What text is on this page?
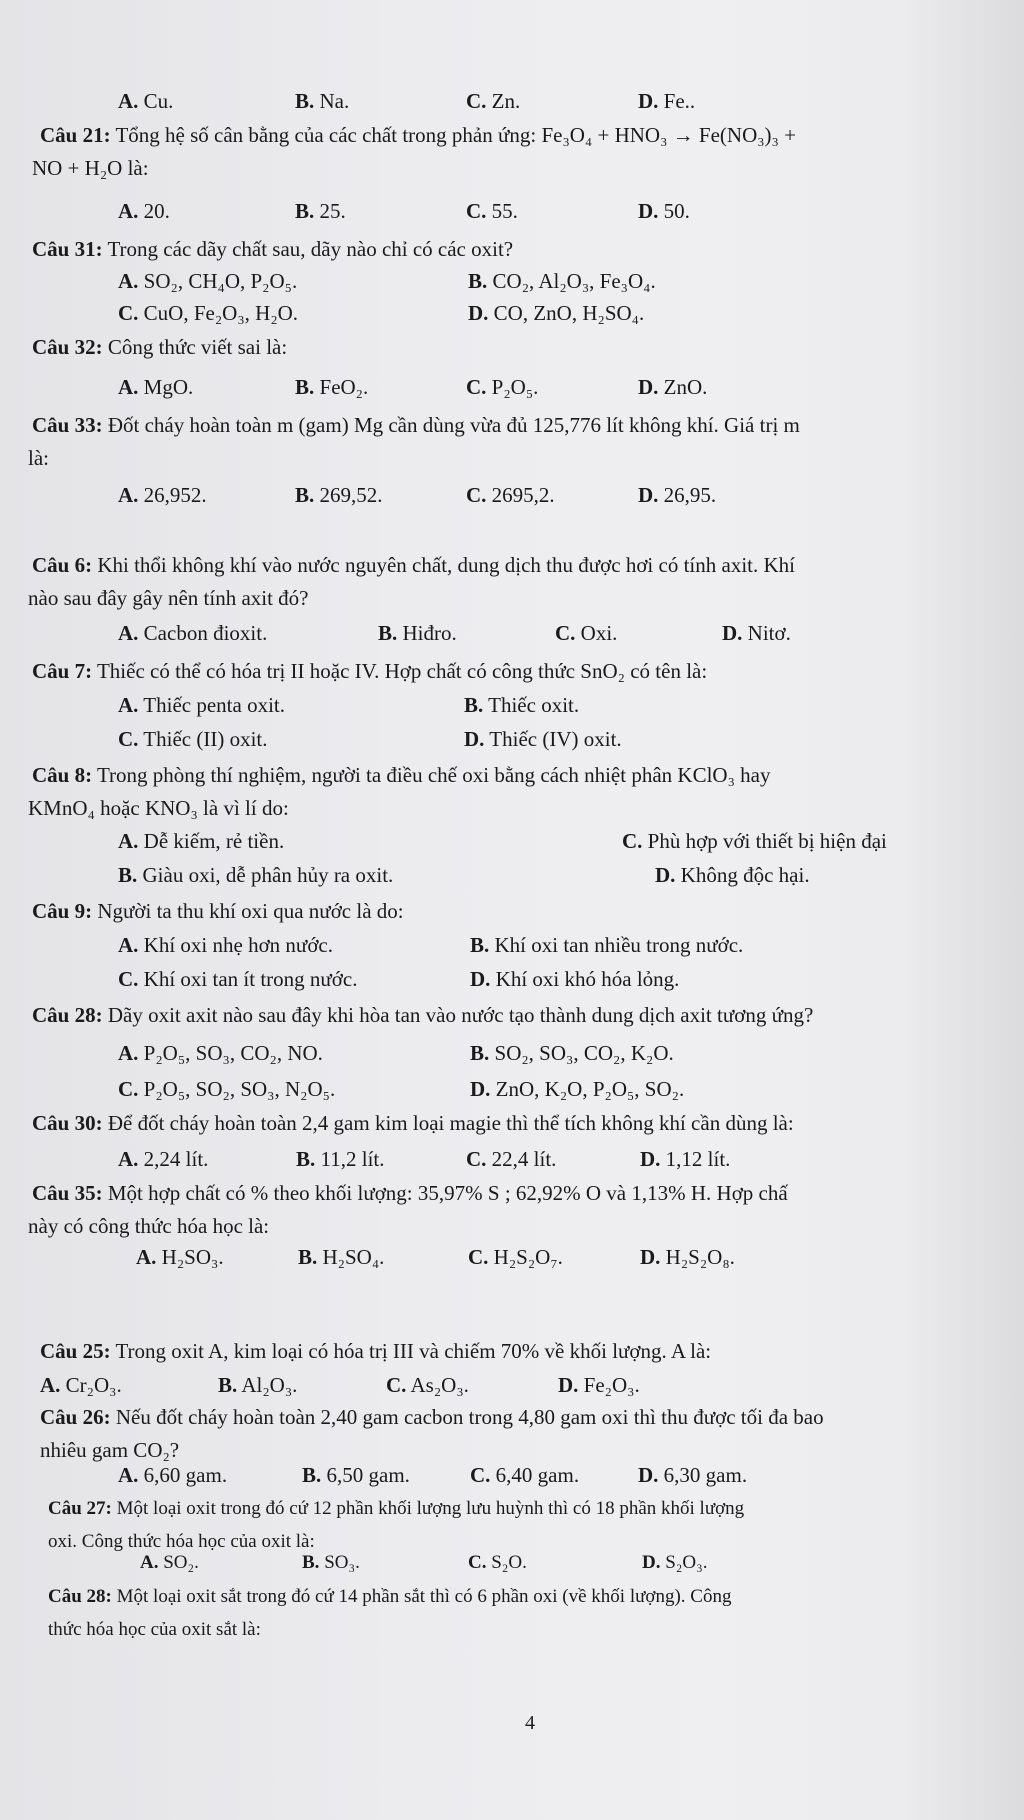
A. Cu.	B. Na.	C. Zn.	D. Fe..
Câu 21: Tổng hệ số cân bằng của các chất trong phản ứng: Fe₃O₄ + HNO₃ → Fe(NO₃)₃ +
NO + H₂O là:
A. 20.	B. 25.	C. 55.	D. 50.
Câu 31: Trong các dãy chất sau, dãy nào chỉ có các oxit?
A. SO₂, CH₄O, P₂O₅.	B. CO₂, Al₂O₃, Fe₃O₄.
C. CuO, Fe₂O₃, H₂O.	D. CO, ZnO, H₂SO₄.
Câu 32: Công thức viết sai là:
A. MgO.	B. FeO₂.	C. P₂O₅.	D. ZnO.
Câu 33: Đốt cháy hoàn toàn m (gam) Mg cần dùng vừa đủ 125,776 lít không khí. Giá trị m
là:
A. 26,952.	B. 269,52.	C. 2695,2.	D. 26,95.
Câu 6: Khi thổi không khí vào nước nguyên chất, dung dịch thu được hơi có tính axit. Khí
nào sau đây gây nên tính axit đó?
A. Cacbon đioxit.	B. Hiđro.	C. Oxi.	D. Nitơ.
Câu 7: Thiếc có thể có hóa trị II hoặc IV. Hợp chất có công thức SnO₂ có tên là:
A. Thiếc penta oxit.	B. Thiếc oxit.
C. Thiếc (II) oxit.	D. Thiếc (IV) oxit.
Câu 8: Trong phòng thí nghiệm, người ta điều chế oxi bằng cách nhiệt phân KClO₃ hay
KMnO₄ hoặc KNO₃ là vì lí do:
A. Dễ kiếm, rẻ tiền.	C. Phù hợp với thiết bị hiện đại
B. Giàu oxi, dễ phân hủy ra oxit.	D. Không độc hại.
Câu 9: Người ta thu khí oxi qua nước là do:
A. Khí oxi nhẹ hơn nước.	B. Khí oxi tan nhiều trong nước.
C. Khí oxi tan ít trong nước.	D. Khí oxi khó hóa lỏng.
Câu 28: Dãy oxit axit nào sau đây khi hòa tan vào nước tạo thành dung dịch axit tương ứng?
A. P₂O₅, SO₃, CO₂, NO.	B. SO₂, SO₃, CO₂, K₂O.
C. P₂O₅, SO₂, SO₃, N₂O₅.	D. ZnO, K₂O, P₂O₅, SO₂.
Câu 30: Để đốt cháy hoàn toàn 2,4 gam kim loại magie thì thể tích không khí cần dùng là:
A. 2,24 lít.	B. 11,2 lít.	C. 22,4 lít.	D. 1,12 lít.
Câu 35: Một hợp chất có % theo khối lượng: 35,97% S ; 62,92% O và 1,13% H. Hợp chấ
này có công thức hóa học là:
A. H₂SO₃.	B. H₂SO₄.	C. H₂S₂O₇.	D. H₂S₂O₈.
Câu 25: Trong oxit A, kim loại có hóa trị III và chiếm 70% về khối lượng. A là:
A. Cr₂O₃.	B. Al₂O₃.	C. As₂O₃.	D. Fe₂O₃.
Câu 26: Nếu đốt cháy hoàn toàn 2,40 gam cacbon trong 4,80 gam oxi thì thu được tối đa bao
nhiêu gam CO₂?
A. 6,60 gam.	B. 6,50 gam.	C. 6,40 gam.	D. 6,30 gam.
Câu 27: Một loại oxit trong đó cứ 12 phần khối lượng lưu huỳnh thì có 18 phần khối lượng
oxi. Công thức hóa học của oxit là:
A. SO₂.	B. SO₃.	C. S₂O.	D. S₂O₃.
Câu 28: Một loại oxit sắt trong đó cứ 14 phần sắt thì có 6 phần oxi (về khối lượng). Công
thức hóa học của oxit sắt là:
4
